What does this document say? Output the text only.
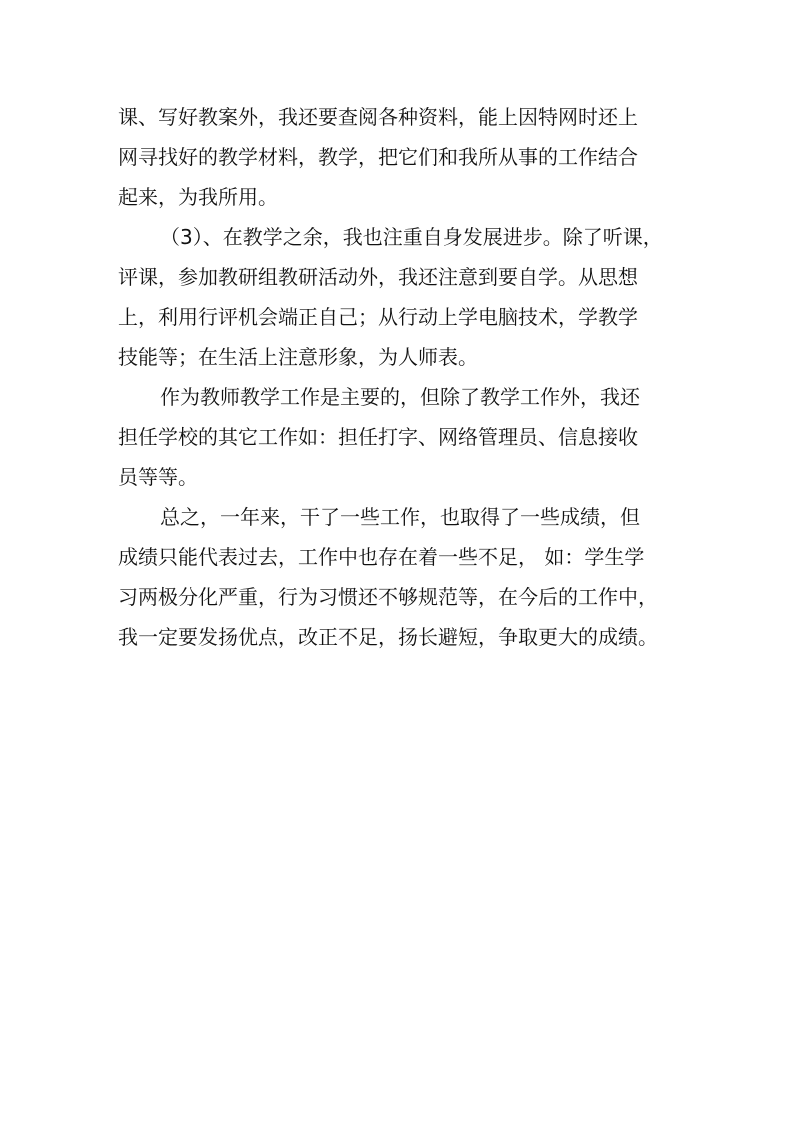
课、写好教案外，我还要查阅各种资料，能上因特网时还上
网寻找好的教学材料，教学，把它们和我所从事的工作结合
起来，为我所用。
（3）、在教学之余，我也注重自身发展进步。除了听课，
评课，参加教研组教研活动外，我还注意到要自学。从思想
上，利用行评机会端正自己；从行动上学电脑技术，学教学
技能等；在生活上注意形象，为人师表。
作为教师教学工作是主要的，但除了教学工作外，我还
担任学校的其它工作如：担任打字、网络管理员、信息接收
员等等。
总之，一年来，干了一些工作，也取得了一些成绩，但
成绩只能代表过去，工作中也存在着一些不足， 如：学生学
习两极分化严重，行为习惯还不够规范等，在今后的工作中，
我一定要发扬优点，改正不足，扬长避短，争取更大的成绩。
